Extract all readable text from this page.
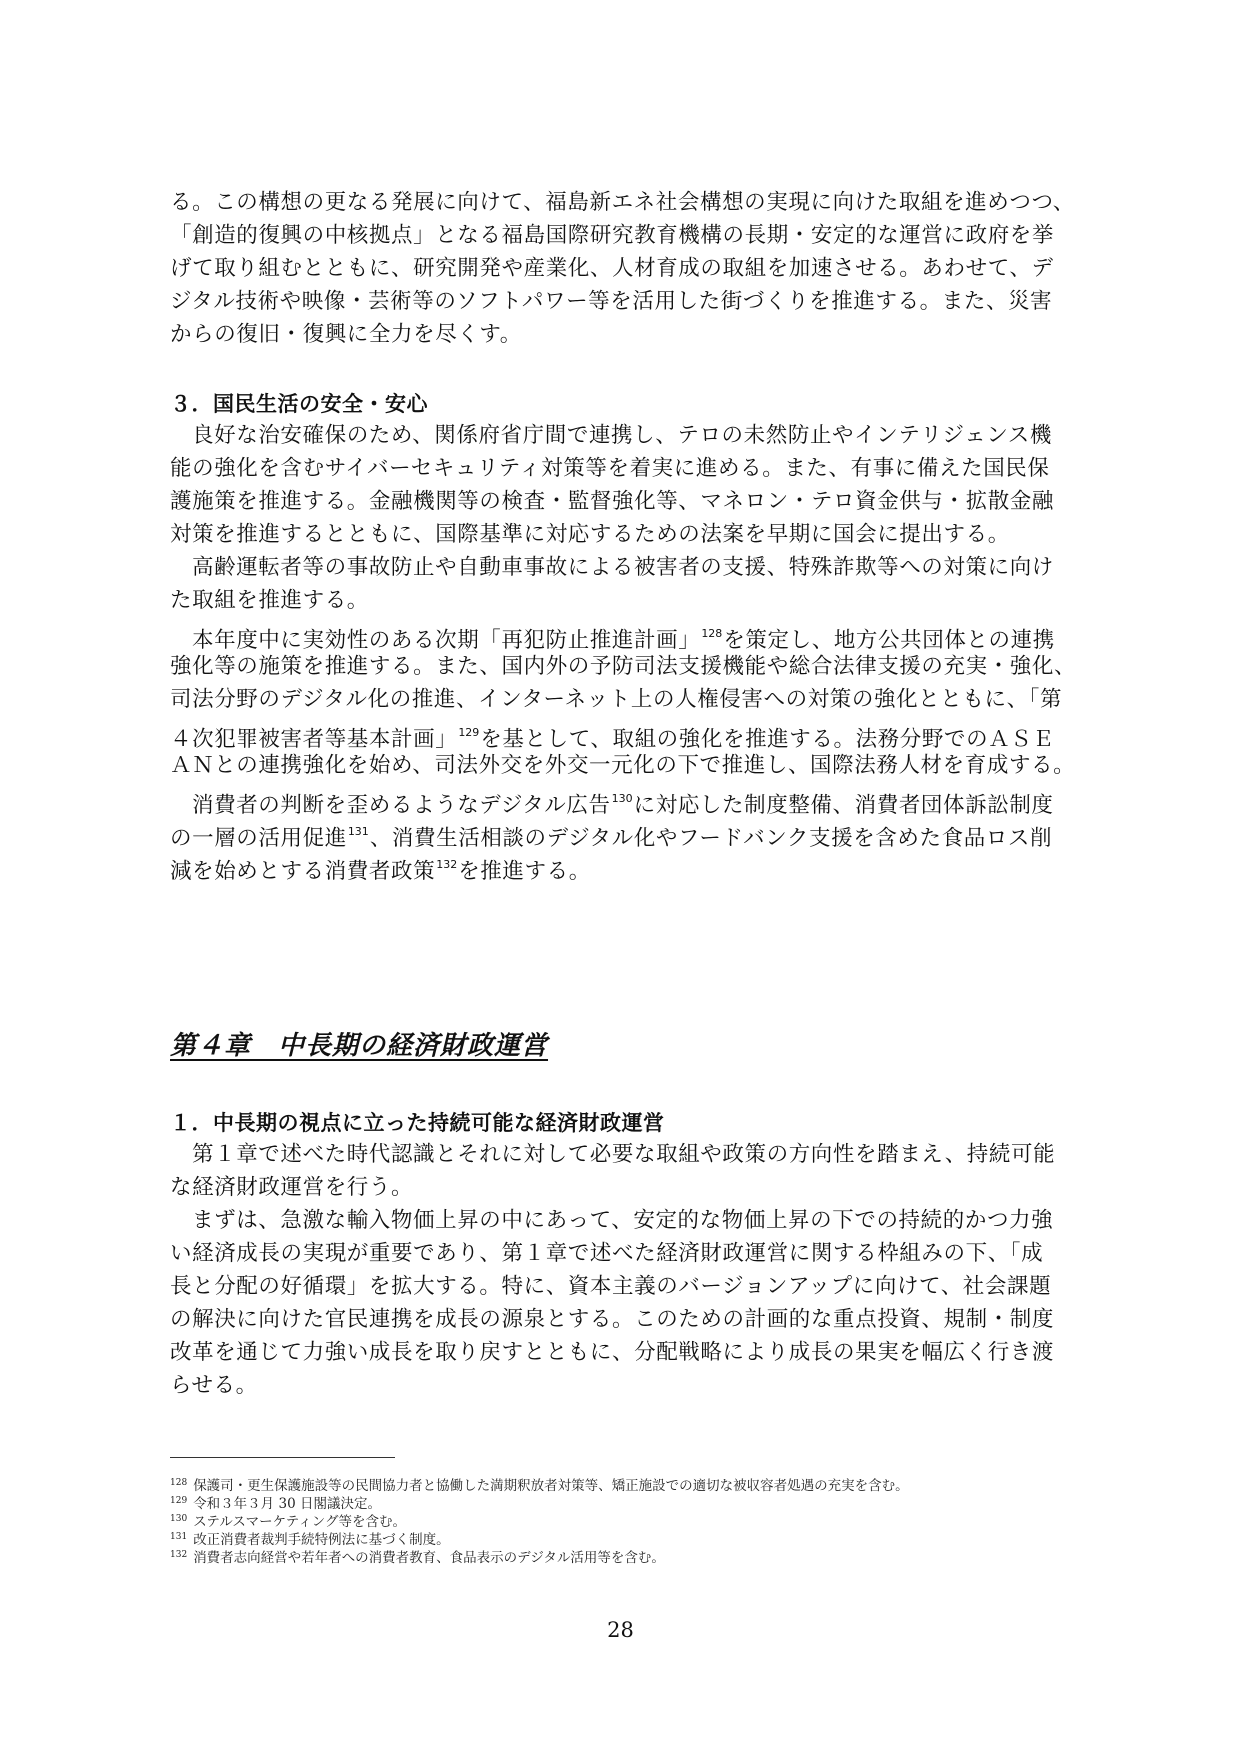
る。この構想の更なる発展に向けて、福島新エネ社会構想の実現に向けた取組を進めつつ、
「創造的復興の中核拠点」となる福島国際研究教育機構の長期・安定的な運営に政府を挙
げて取り組むとともに、研究開発や産業化、人材育成の取組を加速させる。あわせて、デ
ジタル技術や映像・芸術等のソフトパワー等を活用した街づくりを推進する。また、災害
からの復旧・復興に全力を尽くす。
３．国民生活の安全・安心
良好な治安確保のため、関係府省庁間で連携し、テロの未然防止やインテリジェンス機
能の強化を含むサイバーセキュリティ対策等を着実に進める。また、有事に備えた国民保
護施策を推進する。金融機関等の検査・監督強化等、マネロン・テロ資金供与・拡散金融
対策を推進するとともに、国際基準に対応するための法案を早期に国会に提出する。
高齢運転者等の事故防止や自動車事故による被害者の支援、特殊詐欺等への対策に向け
た取組を推進する。
本年度中に実効性のある次期「再犯防止推進計画」$^{128}$を策定し、地方公共団体との連携
強化等の施策を推進する。また、国内外の予防司法支援機能や総合法律支援の充実・強化、
司法分野のデジタル化の推進、インターネット上の人権侵害への対策の強化とともに、「第
４次犯罪被害者等基本計画」$^{129}$を基として、取組の強化を推進する。法務分野でのＡＳＥ
ＡＮとの連携強化を始め、司法外交を外交一元化の下で推進し、国際法務人材を育成する。
消費者の判断を歪めるようなデジタル広告$^{130}$に対応した制度整備、消費者団体訴訟制度
の一層の活用促進$^{131}$、消費生活相談のデジタル化やフードバンク支援を含めた食品ロス削
減を始めとする消費者政策$^{132}$を推進する。
第４章　中長期の経済財政運営
１．中長期の視点に立った持続可能な経済財政運営
第１章で述べた時代認識とそれに対して必要な取組や政策の方向性を踏まえ、持続可能
な経済財政運営を行う。
まずは、急激な輸入物価上昇の中にあって、安定的な物価上昇の下での持続的かつ力強
い経済成長の実現が重要であり、第１章で述べた経済財政運営に関する枠組みの下、「成
長と分配の好循環」を拡大する。特に、資本主義のバージョンアップに向けて、社会課題
の解決に向けた官民連携を成長の源泉とする。このための計画的な重点投資、規制・制度
改革を通じて力強い成長を取り戻すとともに、分配戦略により成長の果実を幅広く行き渡
らせる。
$^{128}$ 保護司・更生保護施設等の民間協力者と協働した満期釈放者対策等、矯正施設での適切な被収容者処遇の充実を含む。
$^{129}$ 令和３年３月 30 日閣議決定。
$^{130}$ ステルスマーケティング等を含む。
$^{131}$ 改正消費者裁判手続特例法に基づく制度。
$^{132}$ 消費者志向経営や若年者への消費者教育、食品表示のデジタル活用等を含む。
28
